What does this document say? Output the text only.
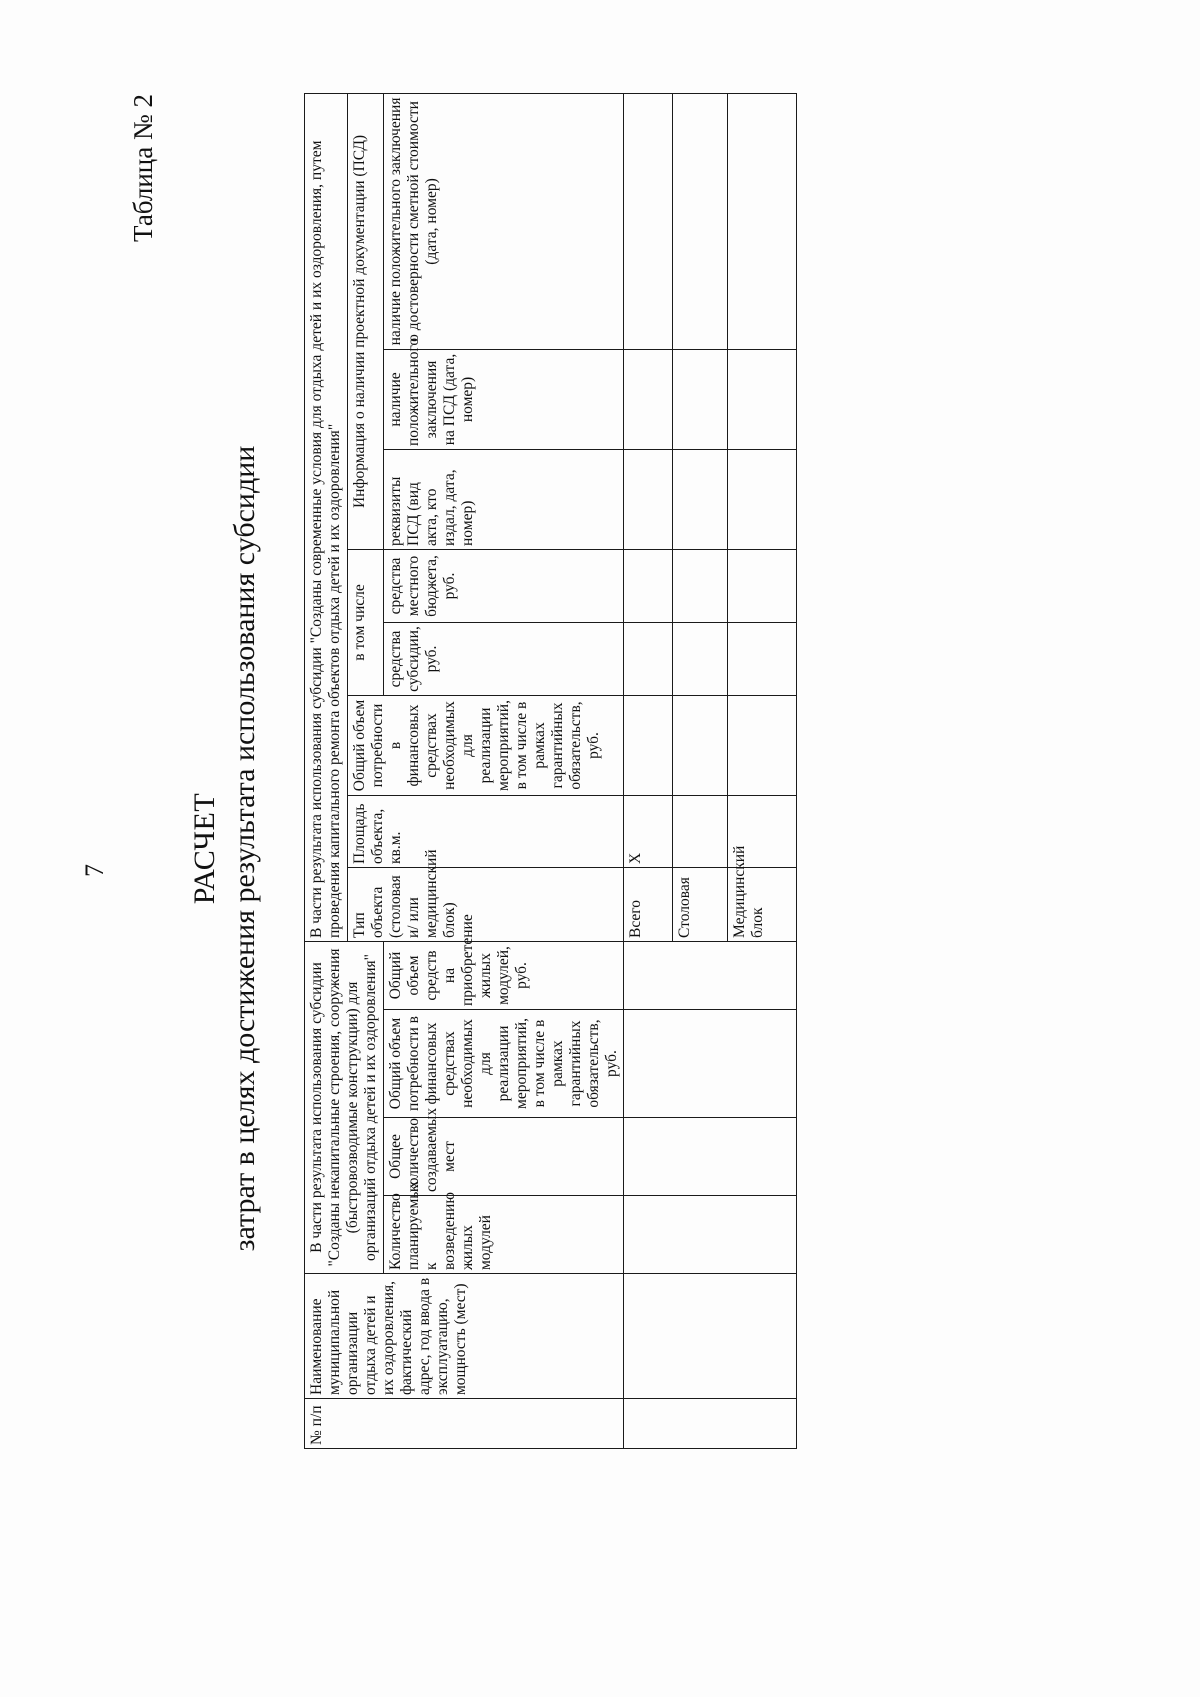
7
Таблица № 2
РАСЧЕТ затрат в целях достижения результата использования субсидии
№ п/п	Наименование муниципальной организации отдыха детей и их оздоровления, фактический адрес, год ввода в эксплуатацию, мощность (мест)	В части результата использования субсидии "Созданы некапитальные строения, сооружения (быстровозводимые конструкции) для организаций отдыха детей и их оздоровления"				В части результата использования субсидии "Созданы современные условия для отдыха детей и их оздоровления, путем проведения капитального ремонта объектов отдыха детей и их оздоровления"							
						Тип объекта (столовая и/ или медицинский блок)	Площадь объекта, кв.м.	Общий объем потребности в финансовых средствах необходимых для реализации мероприятий, в том числе в рамках гарантийных обязательств, руб.	в том числе		Информация о наличии проектной документации (ПСД)		
		Количество планируемых к возведению жилых модулей	Общее количество создаваемых мест	Общий объем потребности в финансовых средствах необходимых для реализации мероприятий, в том числе в рамках гарантийных обязательств, руб.	Общий объем средств на приобретение жилых модулей, руб.				средства субсидии, руб.	средства местного бюджета, руб.	реквизиты ПСД (вид акта, кто издал, дата, номер)	наличие положительного заключения на ПСД (дата, номер)	наличие положительного заключения о достоверности сметной стоимости (дата, номер)
						Всего	X						
						Столовая							
						Медицинский блок							
